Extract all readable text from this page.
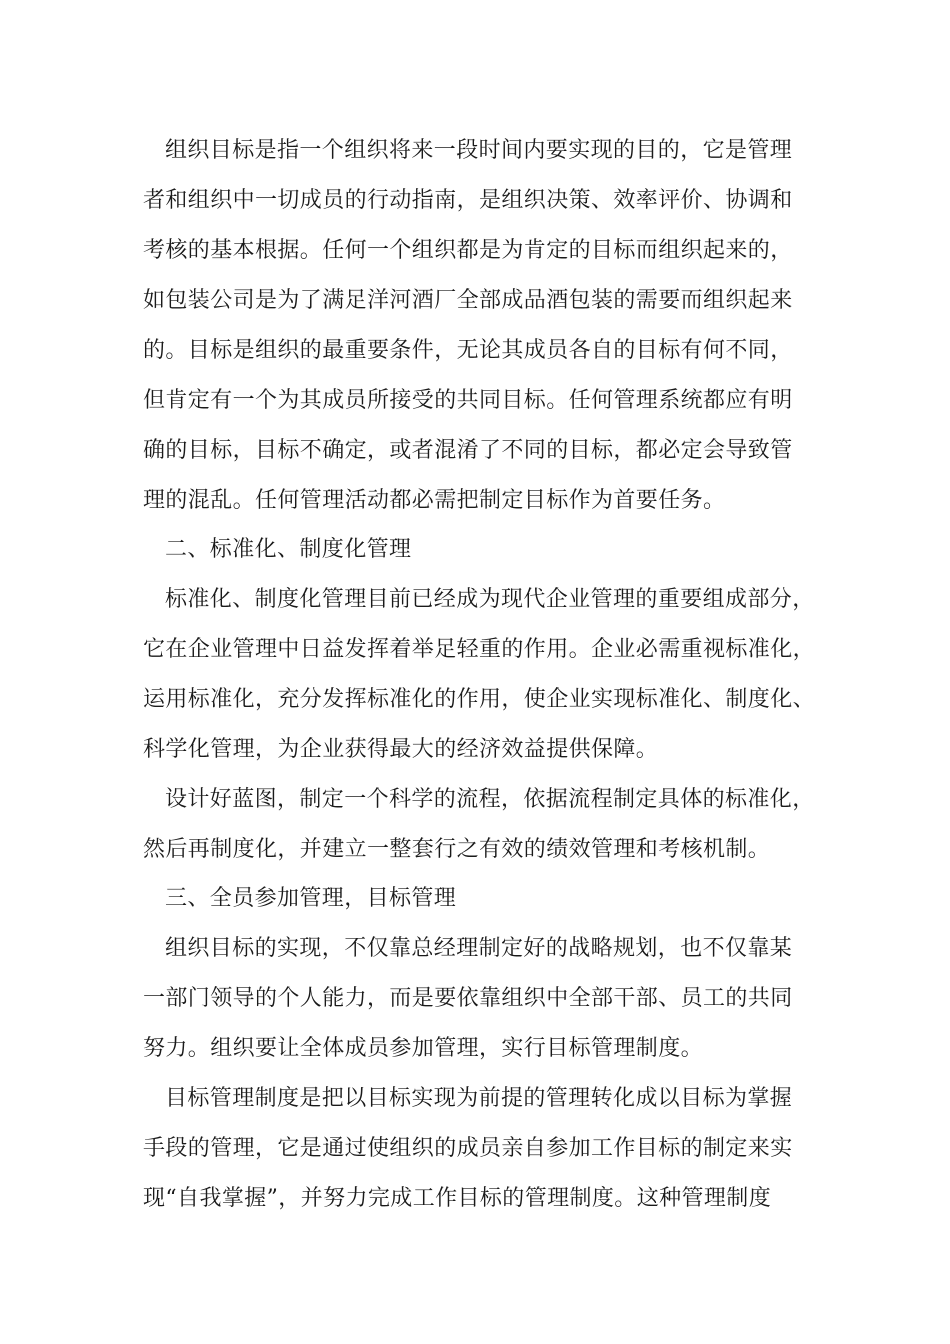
组织目标是指一个组织将来一段时间内要实现的目的，它是管理
者和组织中一切成员的行动指南，是组织决策、效率评价、协调和
考核的基本根据。任何一个组织都是为肯定的目标而组织起来的，
如包装公司是为了满足洋河酒厂全部成品酒包装的需要而组织起来
的。目标是组织的最重要条件，无论其成员各自的目标有何不同，
但肯定有一个为其成员所接受的共同目标。任何管理系统都应有明
确的目标，目标不确定，或者混淆了不同的目标，都必定会导致管
理的混乱。任何管理活动都必需把制定目标作为首要任务。
二、标准化、制度化管理
标准化、制度化管理目前已经成为现代企业管理的重要组成部分，
它在企业管理中日益发挥着举足轻重的作用。企业必需重视标准化，
运用标准化，充分发挥标准化的作用，使企业实现标准化、制度化、
科学化管理，为企业获得最大的经济效益提供保障。
设计好蓝图，制定一个科学的流程，依据流程制定具体的标准化，
然后再制度化，并建立一整套行之有效的绩效管理和考核机制。
三、全员参加管理，目标管理
组织目标的实现，不仅靠总经理制定好的战略规划，也不仅靠某
一部门领导的个人能力，而是要依靠组织中全部干部、员工的共同
努力。组织要让全体成员参加管理，实行目标管理制度。
目标管理制度是把以目标实现为前提的管理转化成以目标为掌握
手段的管理，它是通过使组织的成员亲自参加工作目标的制定来实
现“自我掌握”，并努力完成工作目标的管理制度。这种管理制度
